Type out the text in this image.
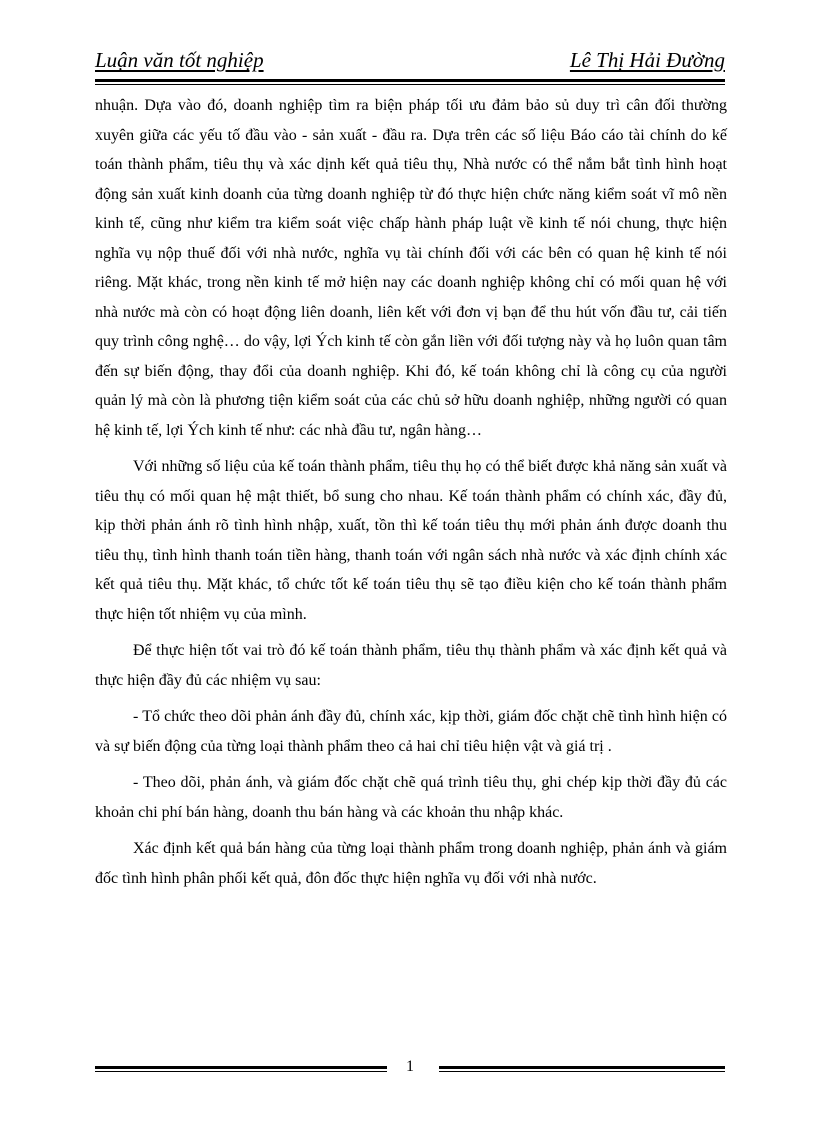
Luận văn tốt nghiệp	Lê Thị Hải Đường

nhuận. Dựa vào đó, doanh nghiệp tìm ra biện pháp tối ưu đảm bảo sủ duy trì cân đối thường xuyên giữa các yếu tố đầu vào - sản xuất - đầu ra. Dựa trên các số liệu Báo cáo tài chính do kế toán thành phẩm, tiêu thụ và xác dịnh kết quả tiêu thụ, Nhà nước có thể nắm bắt tình hình hoạt động sản xuất kinh doanh của từng doanh nghiệp từ đó thực hiện chức năng kiểm soát vĩ mô nền kinh tế, cũng như kiểm tra kiểm soát việc chấp hành pháp luật về kinh tế nói chung, thực hiện nghĩa vụ nộp thuế đối với nhà nước, nghĩa vụ tài chính đối với các bên có quan hệ kinh tế nói riêng. Mặt khác, trong nền kinh tế mở hiện nay các doanh nghiệp không chỉ có mối quan hệ với nhà nước mà còn có hoạt động liên doanh, liên kết với đơn vị bạn để thu hút vốn đầu tư, cải tiến quy trình công nghệ… do vậy, lợi Ých kinh tế còn gắn liền với đối tượng này và họ luôn quan tâm đến sự biến động, thay đổi của doanh nghiệp. Khi đó, kế toán không chỉ là công cụ của người quản lý mà còn là phương tiện kiểm soát của các chủ sở hữu doanh nghiệp, những người có quan hệ kinh tế, lợi Ých kinh tế như: các nhà đầu tư, ngân hàng…

Với những số liệu của kế toán thành phẩm, tiêu thụ họ có thể biết được khả năng sản xuất và tiêu thụ có mối quan hệ mật thiết, bổ sung cho nhau. Kế toán thành phẩm có chính xác, đầy đủ, kịp thời phản ánh rõ tình hình nhập, xuất, tồn thì kế toán tiêu thụ mới phản ánh được doanh thu tiêu thụ, tình hình thanh toán tiền hàng, thanh toán với ngân sách nhà nước và xác định chính xác kết quả tiêu thụ. Mặt khác, tổ chức tốt kế toán tiêu thụ sẽ tạo điều kiện cho kế toán thành phẩm thực hiện tốt nhiệm vụ của mình.

Để thực hiện tốt vai trò đó kế toán thành phẩm, tiêu thụ thành phẩm và xác định kết quả và thực hiện đầy đủ các nhiệm vụ sau:

- Tổ chức theo dõi phản ánh đầy đủ, chính xác, kịp thời, giám đốc chặt chẽ tình hình hiện có và sự biến động của từng loại thành phẩm theo cả hai chỉ tiêu hiện vật và giá trị .

- Theo dõi, phản ánh, và giám đốc chặt chẽ quá trình tiêu thụ, ghi chép kịp thời đầy đủ các khoản chi phí bán hàng, doanh thu bán hàng và các khoản thu nhập khác.

Xác định kết quả bán hàng của từng loại thành phẩm trong doanh nghiệp, phản ánh và giám đốc tình hình phân phối kết quả, đôn đốc thực hiện nghĩa vụ đối với nhà nước.

1
